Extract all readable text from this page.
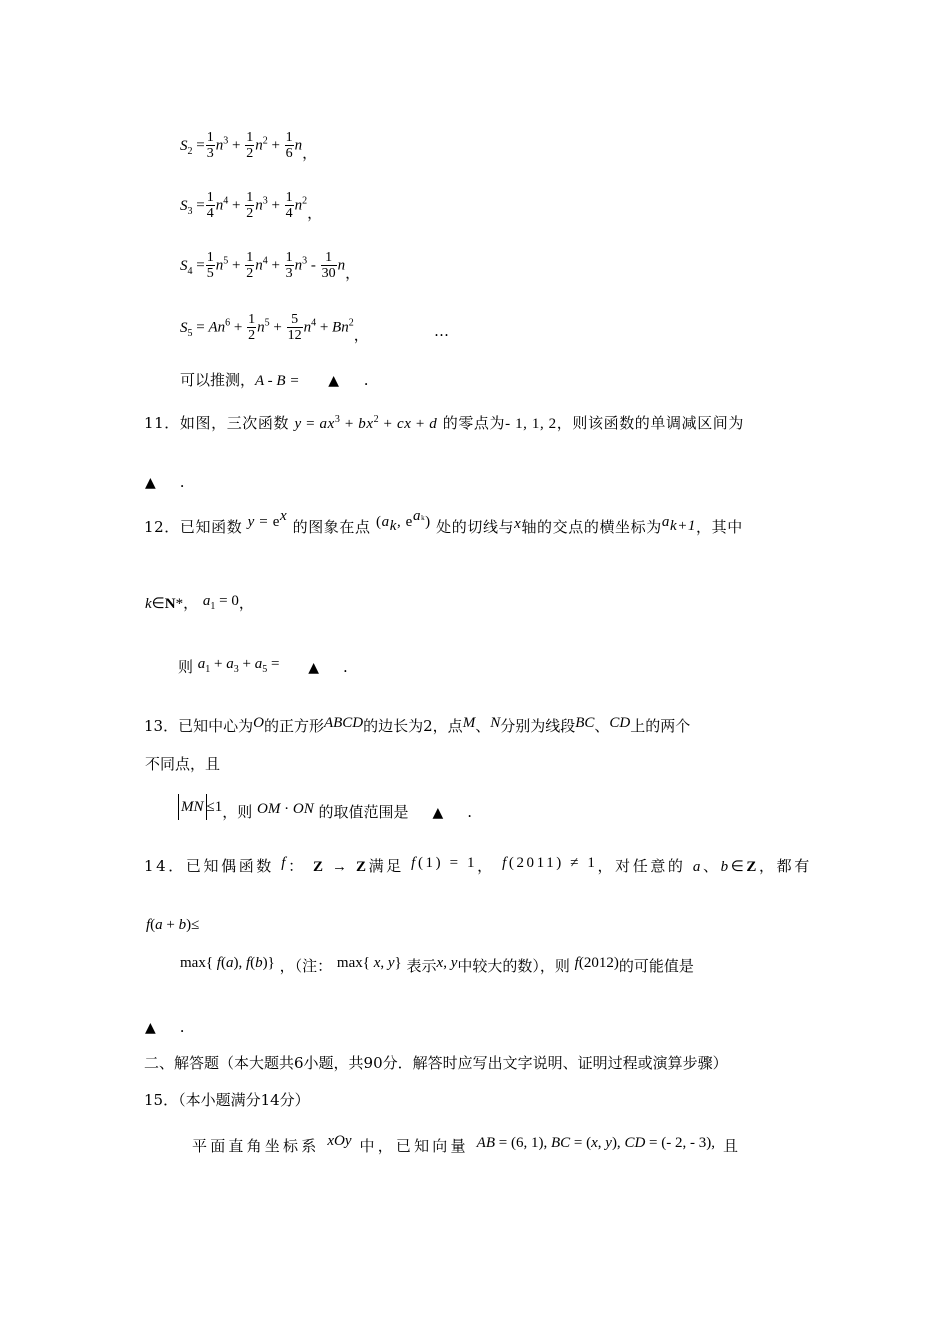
$S_2 = \frac{1}{3} n^3 + \frac{1}{2} n^2 + \frac{1}{6}$ n，
$S_3 = \frac{1}{4} n^4 + \frac{1}{2} n^3 + \frac{1}{4} n^2$，
$S_4 = \frac{1}{5} n^5 + \frac{1}{2} n^4 + \frac{1}{3} n^3 - \frac{1}{30}$ n，
$S_5 = An^6 + \frac{1}{2} n^5 + \frac{5}{12} n^4 + Bn^2$，	…
可以推测，A - B = ▲ .
11．如图，三次函数 $y = ax^3 + bx^2$ + cx + d 的零点为- 1, 1, 2，则该函数的单调减区间为
▲ .
12．已知函数 $y = e^x$ 的图象在点 ($a_k$, $e^{ak}$) 处的切线与x轴的交点的横坐标为$a_{k+1}$，其中
k∈N*， $a_1 = 0$，
则 $a_1 + a_3 + a_5$ = ▲ .
13．已知中心为O的正方形ABCD的边长为2，点M、N分别为线段BC、CD上的两个
不同点，且
MN ≤1，则 OM · ON 的取值范围是 ▲ .
14．已知偶函数 f： Z → Z满足 f(1) = 1， f(2011) ≠ 1，对任意的 a、b∈Z，都有
f(a + b)≤
max{ f(a), f(b)} ，（注： max{ x, y} 表示x, y中较大的数），则 f(2012)的可能值是
▲ .
二、解答题（本大题共6小题，共90分．解答时应写出文字说明、证明过程或演算步骤）
15．（本小题满分14分）
平面直角坐标系 xOy 中，已知向量 AB = (6, 1), BC = (x, y), CD = (- 2, - 3), 且
